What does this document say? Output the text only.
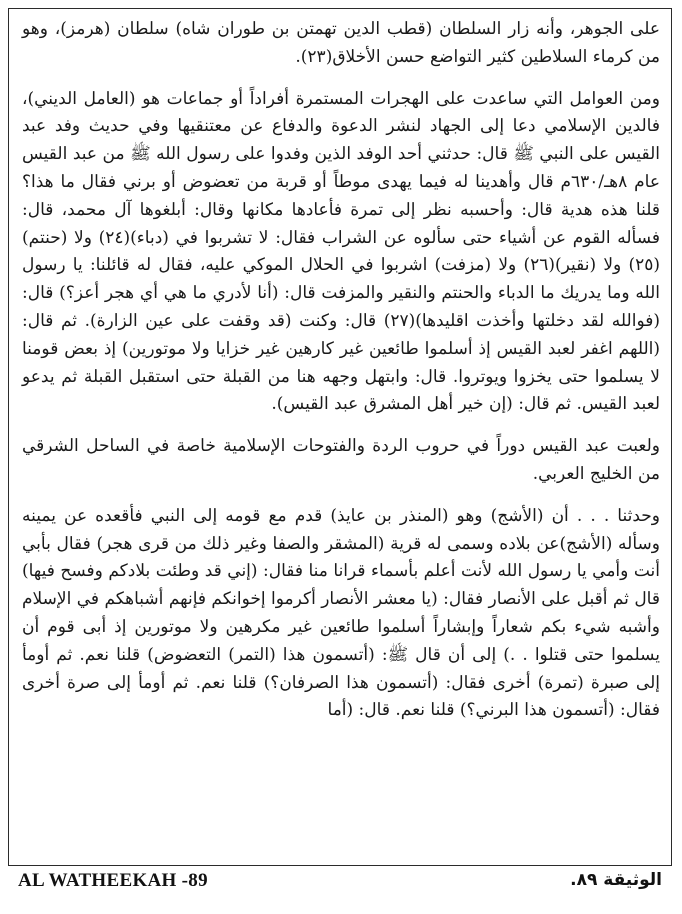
على الجوهر، وأنه زار السلطان (قطب الدين تهمتن بن طوران شاه) سلطان (هرمز)، وهو من كرماء السلاطين كثير التواضع حسن الأخلاق(٢٣).

ومن العوامل التي ساعدت على الهجرات المستمرة أفراداً أو جماعات هو (العامل الديني)، فالدين الإسلامي دعا إلى الجهاد لنشر الدعوة والدفاع عن معتنقيها وفي حديث وفد عبد القيس على النبي ﷺ قال: حدثني أحد الوفد الذين وفدوا على رسول الله ﷺ من عبد القيس عام ٨هـ/٦٣٠م قال وأهدينا له فيما يهدى موطاً أو قربة من تعضوض أو برني فقال ما هذا؟ قلنا هذه هدية قال: وأحسبه نظر إلى تمرة فأعادها مكانها وقال: أبلغوها آل محمد، قال: فسأله القوم عن أشياء حتى سألوه عن الشراب فقال: لا تشربوا في (دباء)(٢٤) ولا (حنتم)(٢٥) ولا (نقير)(٢٦) ولا (مزفت) اشربوا في الحلال الموكي عليه، فقال له قائلنا: يا رسول الله وما يدريك ما الدباء والحنتم والنقير والمزفت قال: (أنا لأدري ما هي أي هجر أعز؟) قال: (فوالله لقد دخلتها وأخذت اقليدها)(٢٧) قال: وكنت (قد وقفت على عين الزارة). ثم قال: (اللهم اغفر لعبد القيس إذ أسلموا طائعين غير كارهين غير خزايا ولا موتورين) إذ بعض قومنا لا يسلموا حتى يخزوا ويوتروا. قال: وابتهل وجهه هنا من القبلة حتى استقبل القبلة ثم يدعو لعبد القيس. ثم قال: (إن خير أهل المشرق عبد القيس).

ولعبت عبد القيس دوراً في حروب الردة والفتوحات الإسلامية خاصة في الساحل الشرقي من الخليج العربي.

وحدثنا . . . أن (الأشج) وهو (المنذر بن عايذ) قدم مع قومه إلى النبي فأقعده عن يمينه وسأله (الأشج)عن بلاده وسمى له قرية (المشقر والصفا وغير ذلك من قرى هجر) فقال بأبي أنت وأمي يا رسول الله لأنت أعلم بأسماء قرانا منا فقال: (إني قد وطئت بلادكم وفسح فيها) قال ثم أقبل على الأنصار فقال: (يا معشر الأنصار أكرموا إخوانكم فإنهم أشباهكم في الإسلام وأشبه شيء بكم شعاراً وإبشاراً أسلموا طائعين غير مكرهين ولا موتورين إذ أبى قوم أن يسلموا حتى قتلوا . .) إلى أن قال ﷺ: (أتسمون هذا (التمر) التعضوض) قلنا نعم. ثم أومأ إلى صبرة (تمرة) أخرى فقال: (أتسمون هذا الصرفان؟) قلنا نعم. ثم أومأ إلى صرة أخرى فقال: (أتسمون هذا البرني؟) قلنا نعم. قال: (أما

AL WATHEEKAH -89	الوثيقة ٨٩.
